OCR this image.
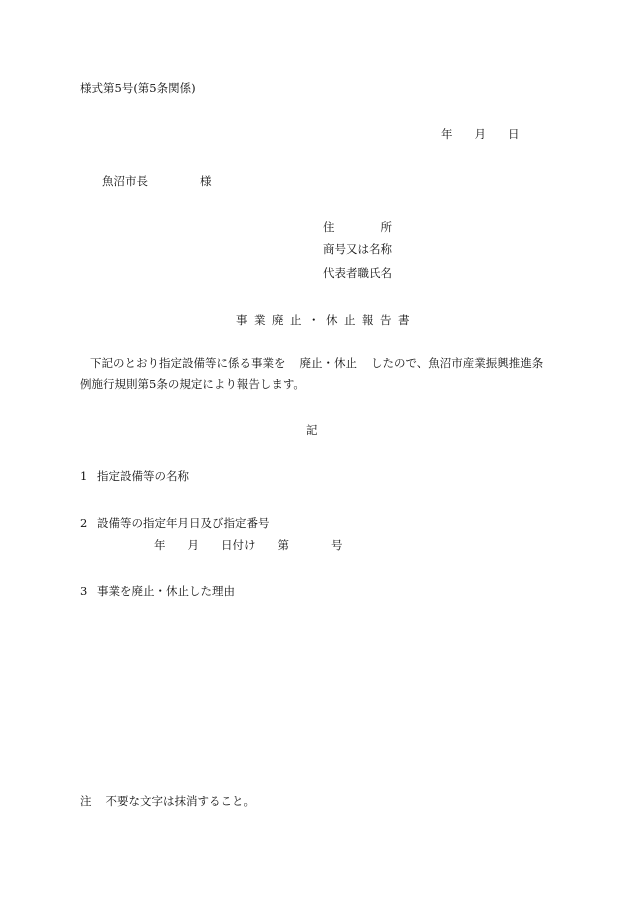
様式第5号(第5条関係)
年 月 日
魚沼市長	様
住	所
商号又は名称
代表者職氏名
事業廃止・休止報告書
下記のとおり指定設備等に係る事業を 廃止・休止 したので、魚沼市産業振興推進条
例施行規則第5条の規定により報告します。
記
1 指定設備等の名称
2 設備等の指定年月日及び指定番号
年 月 日付け 第	号
3 事業を廃止・休止した理由
注 不要な文字は抹消すること。
